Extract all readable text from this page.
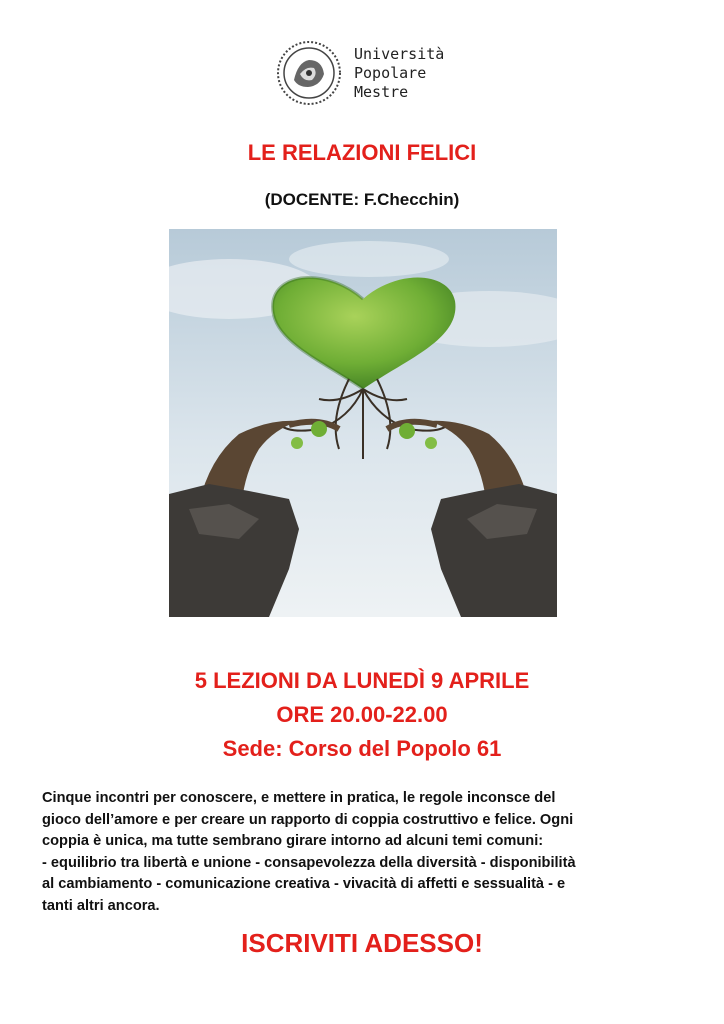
Università
Popolare
Mestre
LE RELAZIONI FELICI
(DOCENTE: F.Checchin)
5 LEZIONI DA LUNEDÌ 9 APRILE
ORE 20.00-22.00
Sede: Corso del Popolo 61
Cinque incontri per conoscere, e mettere in pratica, le regole inconsce del
gioco dell’amore e per creare un rapporto di coppia costruttivo e felice. Ogni
coppia è unica, ma tutte sembrano girare intorno ad alcuni temi comuni:
- equilibrio tra libertà e unione - consapevolezza della diversità - disponibilità
al cambiamento - comunicazione creativa - vivacità di affetti e sessualità - e
tanti altri ancora.
ISCRIVITI ADESSO!
